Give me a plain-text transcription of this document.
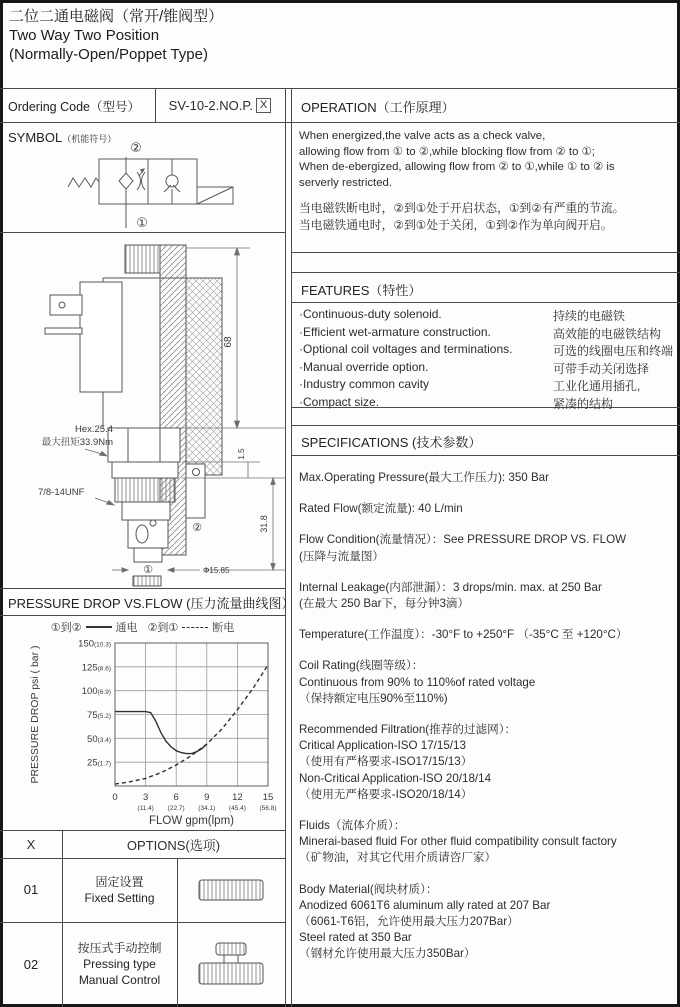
二位二通电磁阀（常开/锥阀型）
Two Way Two Position
(Normally-Open/Poppet Type)
Ordering Code（型号） SV-10-2.NO.P. X	OPERATION（工作原理）
SYMBOL（机能符号）
②
①
68
1.5
31.8
Φ15.85
Hex.25.4
最大扭矩33.9Nm
7/8-14UNF
②
①
When energized,the valve acts as a check valve,
allowing flow from ① to ②,while blocking flow from ② to ①;
When de-ebergized, allowing flow from ② to ①,while ① to ② is
serverly restricted.
当电磁铁断电时，②到①处于开启状态，①到②有严重的节流。
当电磁铁通电时，②到①处于关闭，①到②作为单向阀开启。
FEATURES（特性）
·Continuous-duty solenoid.	持续的电磁铁
·Efficient wet-armature construction.	高效能的电磁铁结构
·Optional coil voltages and terminations.	可选的线圈电压和终端
·Manual override option.	可带手动关闭选择
·Industry common cavity	工业化通用插孔,
·Compact size.	紧凑的结构
SPECIFICATIONS (技术参数）
Max.Operating Pressure(最大工作压力): 350 Bar
Rated Flow(额定流量): 40 L/min
Flow Condition(流量情况）：See PRESSURE DROP VS. FLOW
(压降与流量图）
Internal Leakage(内部泄漏）：3 drops/min. max. at 250 Bar
(在最大 250 Bar下，每分钟3滴）
Temperature(工作温度）：-30°F to +250°F （-35°C 至 +120°C）
Coil Rating(线圈等级）：
Continuous from 90% to 110%of rated voltage
（保持额定电压90%至110%)
Recommended Filtration(推荐的过滤网）：
Critical Application-ISO 17/15/13
（使用有严格要求-ISO17/15/13）
Non-Critical Application-ISO 20/18/14
（使用无严格要求-ISO20/18/14）
Fluids（流体介质）：
Minerai-based fluid For other fluid compatibility consult factory
（矿物油，对其它代用介质请咨厂家）
Body Material(阀块材质）：
Anodized 6061T6 aluminum ally rated at 207 Bar
（6061-T6铝，允许使用最大压力207Bar）
Steel rated at 350 Bar
（钢材允许使用最大压力350Bar）
PRESSURE DROP VS.FLOW (压力流量曲线图）
①到②	通电 ②到①	断电
25(1.7)
50(3.4)
75(5.2)
100(6.9)
125(8.6)
150(10.3)
0	3
(11.4)
6
(22.7)
9
(34.1)
12
(45.4)
15
(56.8)
FLOW gpm(lpm)
PRESSURE DROP psi ( bar )
X	OPTIONS(选项)
01	固定设置
Fixed Setting
02
按压式手动控制
Pressing type
Manual Control
